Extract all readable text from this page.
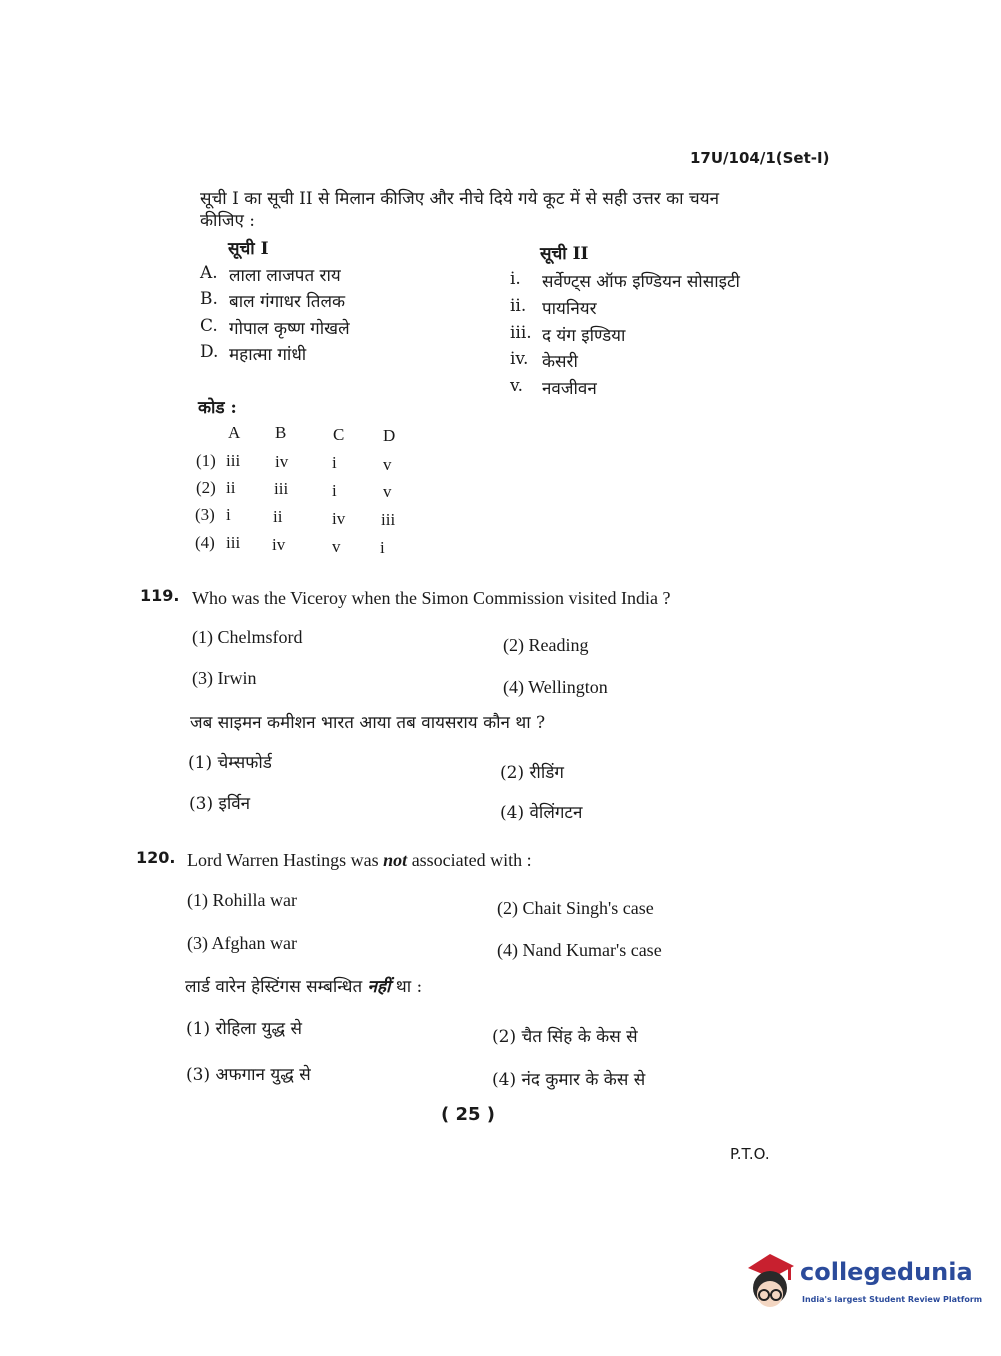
17U/104/1(Set-I)
सूची I का सूची II से मिलान कीजिए और नीचे दिये गये कूट में से सही उत्तर का चयन
कीजिए :
सूची I
A. लाला लाजपत राय
B. बाल गंगाधर तिलक
C. गोपाल कृष्ण गोखले
D. महात्मा गांधी
सूची II
i. सर्वेण्ट्स ऑफ इण्डियन सोसाइटी
ii. पायनियर
iii. द यंग इण्डिया
iv. केसरी
v. नवजीवन
कोड :
A B	C D
(1) iii iv	i	v
(2) ii iii	i	v
(3) i ii	iv iii
(4) iii iv	v i
119. Who was the Viceroy when the Simon Commission visited India ?
(1) Chelmsford	(2) Reading
(3) Irwin	(4) Wellington
जब साइमन कमीशन भारत आया तब वायसराय कौन था ?
(1) चेम्सफोर्ड	(2) रीडिंग
(3) इर्विन	(4) वेलिंगटन
120. Lord Warren Hastings was not associated with :
(1) Rohilla war	(2) Chait Singh's case
(3) Afghan war	(4) Nand Kumar's case
लार्ड वारेन हेस्टिंगस सम्बन्धित नहीं था :
(1) रोहिला युद्ध से	(2) चैत सिंह के केस से
(3) अफगान युद्ध से	(4) नंद कुमार के केस से
( 25 )
P.T.O.
collegedunia
India's largest Student Review Platform
